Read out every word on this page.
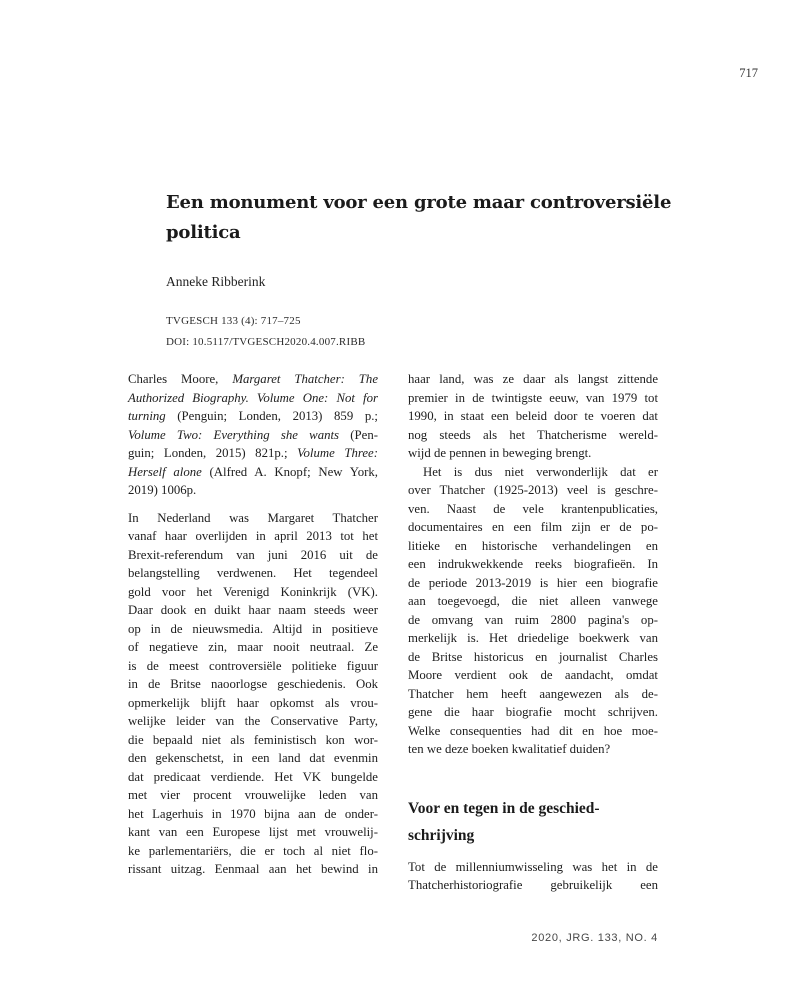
717
Een monument voor een grote maar controversiële
politica
Anneke Ribberink
TVGESCH 133 (4): 717–725
DOI: 10.5117/TVGESCH2020.4.007.RIBB
Charles Moore, Margaret Thatcher: The
Authorized Biography. Volume One: Not for
turning (Penguin; Londen, 2013) 859 p.;
Volume Two: Everything she wants (Pen-
guin; Londen, 2015) 821p.; Volume Three:
Herself alone (Alfred A. Knopf; New York,
2019) 1006p.
In Nederland was Margaret Thatcher
vanaf haar overlijden in april 2013 tot het
Brexit-referendum van juni 2016 uit de
belangstelling verdwenen. Het tegendeel
gold voor het Verenigd Koninkrijk (VK).
Daar dook en duikt haar naam steeds weer
op in de nieuwsmedia. Altijd in positieve
of negatieve zin, maar nooit neutraal. Ze
is de meest controversiële politieke figuur
in de Britse naoorlogse geschiedenis. Ook
opmerkelijk blijft haar opkomst als vrou-
welijke leider van the Conservative Party,
die bepaald niet als feministisch kon wor-
den gekenschetst, in een land dat evenmin
dat predicaat verdiende. Het VK bungelde
met vier procent vrouwelijke leden van
het Lagerhuis in 1970 bijna aan de onder-
kant van een Europese lijst met vrouwelij-
ke parlementariërs, die er toch al niet flo-
rissant uitzag. Eenmaal aan het bewind in
haar land, was ze daar als langst zittende
premier in de twintigste eeuw, van 1979 tot
1990, in staat een beleid door te voeren dat
nog steeds als het Thatcherisme wereld-
wijd de pennen in beweging brengt.
Het is dus niet verwonderlijk dat er
over Thatcher (1925-2013) veel is geschre-
ven. Naast de vele krantenpublicaties,
documentaires en een film zijn er de po-
litieke en historische verhandelingen en
een indrukwekkende reeks biografieën. In
de periode 2013-2019 is hier een biografie
aan toegevoegd, die niet alleen vanwege
de omvang van ruim 2800 pagina's op-
merkelijk is. Het driedelige boekwerk van
de Britse historicus en journalist Charles
Moore verdient ook de aandacht, omdat
Thatcher hem heeft aangewezen als de-
gene die haar biografie mocht schrijven.
Welke consequenties had dit en hoe moe-
ten we deze boeken kwalitatief duiden?
Voor en tegen in de geschied-
schrijving
Tot de millenniumwisseling was het in de
Thatcherhistoriografie gebruikelijk een
2020, JRG. 133, NO. 4
